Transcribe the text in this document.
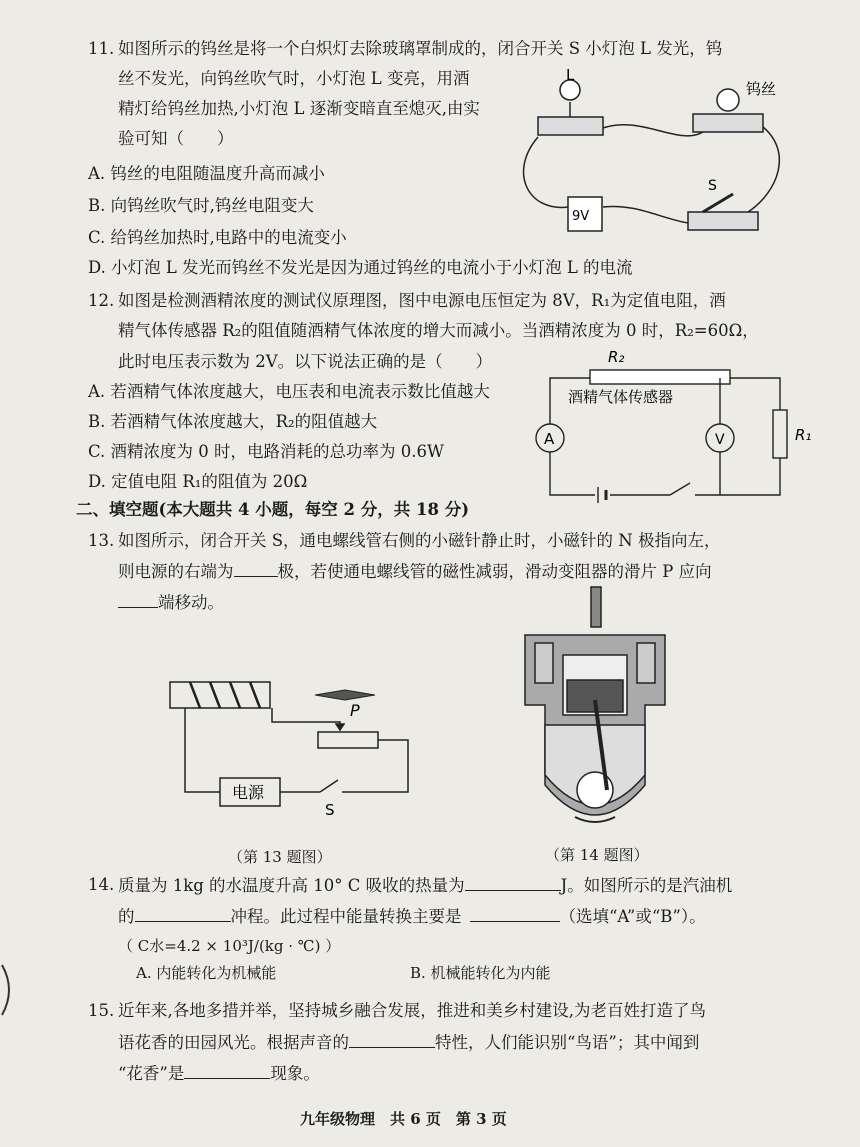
11. 如图所示的钨丝是将一个白炽灯去除玻璃罩制成的，闭合开关 S 小灯泡 L 发光，钨
丝不发光，向钨丝吹气时，小灯泡 L 变亮，用酒
精灯给钨丝加热,小灯泡 L 逐渐变暗直至熄灭,由实
验可知（　　）
A. 钨丝的电阻随温度升高而减小
B. 向钨丝吹气时,钨丝电阻变大
C. 给钨丝加热时,电路中的电流变小
D. 小灯泡 L 发光而钨丝不发光是因为通过钨丝的电流小于小灯泡 L 的电流
L
钨丝
S
9V
12. 如图是检测酒精浓度的测试仪原理图，图中电源电压恒定为 8V，R₁为定值电阻，酒
精气体传感器 R₂的阻值随酒精气体浓度的增大而减小。当酒精浓度为 0 时，R₂=60Ω，
此时电压表示数为 2V。以下说法正确的是（　　）
A. 若酒精气体浓度越大，电压表和电流表示数比值越大
B. 若酒精气体浓度越大，R₂的阻值越大
C. 酒精浓度为 0 时，电路消耗的总功率为 0.6W
D. 定值电阻 R₁的阻值为 20Ω
R₂
酒精气体传感器
A	V	R₁
二、填空题(本大题共 4 小题，每空 2 分，共 18 分)
13. 如图所示，闭合开关 S，通电螺线管右侧的小磁针静止时，小磁针的 N 极指向左，
则电源的右端为	极，若使通电螺线管的磁性减弱，滑动变阻器的滑片 P 应向
端移动。
电源
S
P
（第 13 题图）	（第 14 题图）
14. 质量为 1kg 的水温度升高 10° C 吸收的热量为	J。如图所示的是汽油机
的	冲程。此过程中能量转换主要是	（选填“A”或“B”）。
（ C水=4.2 × 10³J/(kg · ℃) ）
A. 内能转化为机械能	B. 机械能转化为内能
15. 近年来,各地多措并举，坚持城乡融合发展，推进和美乡村建设,为老百姓打造了鸟
语花香的田园风光。根据声音的	特性，人们能识别“鸟语”；其中闻到
“花香”是	现象。
九年级物理　共 6 页　第 3 页
